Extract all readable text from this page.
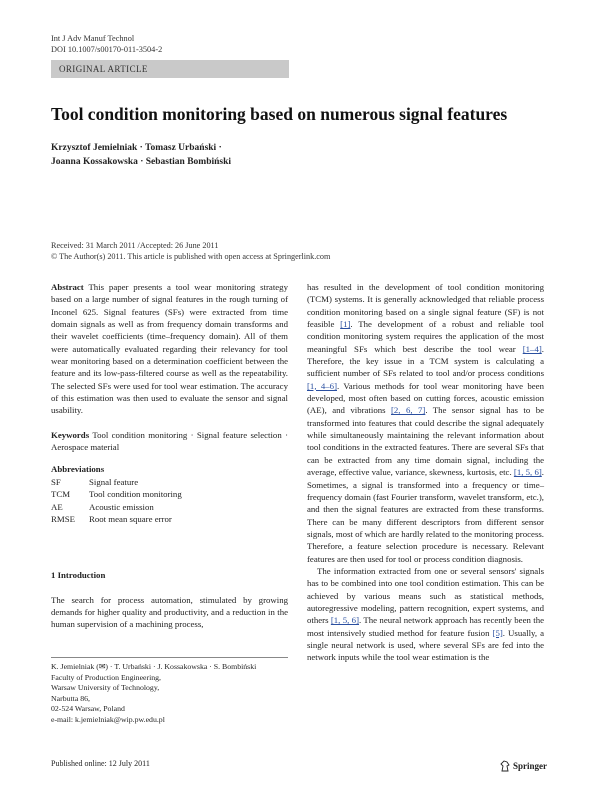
Int J Adv Manuf Technol
DOI 10.1007/s00170-011-3504-2
ORIGINAL ARTICLE
Tool condition monitoring based on numerous signal features
Krzysztof Jemielniak · Tomasz Urbański ·
Joanna Kossakowska · Sebastian Bombiński
Received: 31 March 2011 /Accepted: 26 June 2011
© The Author(s) 2011. This article is published with open access at Springerlink.com

Abstract This paper presents a tool wear monitoring strategy based on a large number of signal features in the rough turning of Inconel 625. Signal features (SFs) were extracted from time domain signals as well as from frequency domain transforms and their wavelet coefficients (time–frequency domain). All of them were automatically evaluated regarding their relevancy for tool wear monitoring based on a determination coefficient between the feature and its low-pass-filtered course as well as the repeatability. The selected SFs were used for tool wear estimation. The accuracy of this estimation was then used to evaluate the sensor and signal usability.

Keywords Tool condition monitoring · Signal feature selection · Aerospace material

Abbreviations
SF	Signal feature
TCM	Tool condition monitoring
AE	Acoustic emission
RMSE	Root mean square error
1 Introduction

The search for process automation, stimulated by growing demands for higher quality and productivity, and a reduction in the human supervision of a machining process,

has resulted in the development of tool condition monitoring (TCM) systems. It is generally acknowledged that reliable process condition monitoring based on a single signal feature (SF) is not feasible [1]. The development of a robust and reliable tool condition monitoring system requires the application of the most meaningful SFs which best describe the tool wear [1–4]. Therefore, the key issue in a TCM system is calculating a sufficient number of SFs related to tool and/or process conditions [1, 4–6]. Various methods for tool wear monitoring have been developed, most often based on cutting forces, acoustic emission (AE), and vibrations [2, 6, 7]. The sensor signal has to be transformed into features that could describe the signal adequately while simultaneously maintaining the relevant information about tool conditions in the extracted features. There are several SFs that can be extracted from any time domain signal, including the average, effective value, variance, skewness, kurtosis, etc. [1, 5, 6]. Sometimes, a signal is transformed into a frequency or time–frequency domain (fast Fourier transform, wavelet transform, etc.), and then the signal features are extracted from these transforms. There can be many different descriptors from different sensor signals, most of which are hardly related to the monitoring process. Therefore, a feature selection procedure is necessary. Relevant features are then used for tool or process condition diagnosis.

The information extracted from one or several sensors' signals has to be combined into one tool condition estimation. This can be achieved by various means such as statistical methods, autoregressive modeling, pattern recognition, expert systems, and others [1, 5, 6]. The neural network approach has recently been the most intensively studied method for feature fusion [5]. Usually, a single neural network is used, where several SFs are fed into the network inputs while the tool wear estimation is the

K. Jemielniak (✉) · T. Urbański · J. Kossakowska · S. Bombiński
Faculty of Production Engineering,
Warsaw University of Technology,
Narbutta 86,
02-524 Warsaw, Poland
e-mail: k.jemielniak@wip.pw.edu.pl
Published online: 12 July 2011	Springer
